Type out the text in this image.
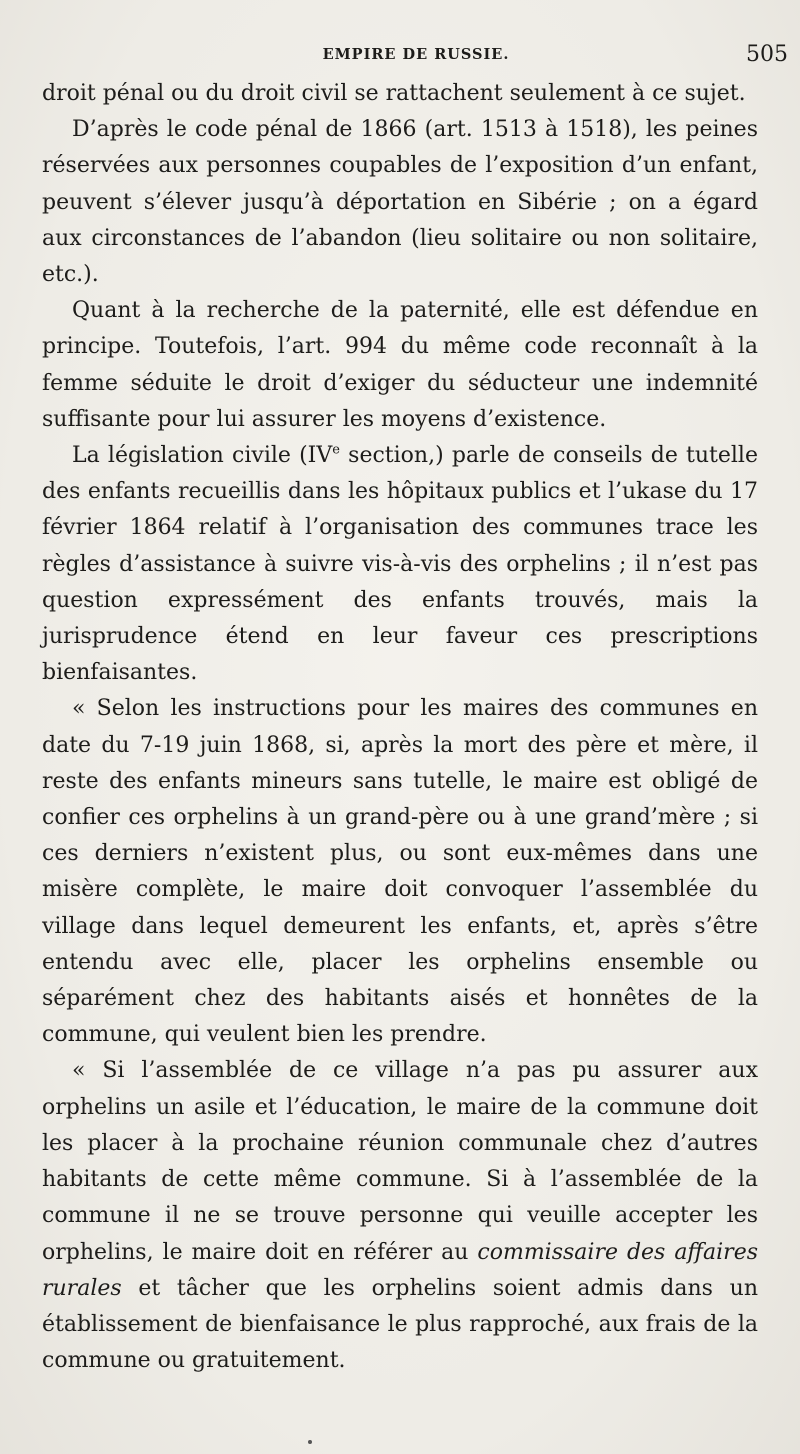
EMPIRE DE RUSSIE.	505

droit pénal ou du droit civil se rattachent seulement à ce sujet.

D’après le code pénal de 1866 (art. 1513 à 1518), les peines réservées aux personnes coupables de l’exposition d’un enfant, peuvent s’élever jusqu’à déportation en Sibérie ; on a égard aux circonstances de l’abandon (lieu solitaire ou non solitaire, etc.).

Quant à la recherche de la paternité, elle est défendue en principe. Toutefois, l’art. 994 du même code reconnaît à la femme séduite le droit d’exiger du séducteur une indemnité suffisante pour lui assurer les moyens d’existence.

La législation civile (IVe section,) parle de conseils de tutelle des enfants recueillis dans les hôpitaux publics et l’ukase du 17 février 1864 relatif à l’organisation des communes trace les règles d’assistance à suivre vis-à-vis des orphelins ; il n’est pas question expressément des enfants trouvés, mais la jurisprudence étend en leur faveur ces prescriptions bienfaisantes.

« Selon les instructions pour les maires des communes en date du 7-19 juin 1868, si, après la mort des père et mère, il reste des enfants mineurs sans tutelle, le maire est obligé de confier ces orphelins à un grand-père ou à une grand’mère ; si ces derniers n’existent plus, ou sont eux-mêmes dans une misère complète, le maire doit convoquer l’assemblée du village dans lequel demeurent les enfants, et, après s’être entendu avec elle, placer les orphelins ensemble ou séparément chez des habitants aisés et honnêtes de la commune, qui veulent bien les prendre.

« Si l’assemblée de ce village n’a pas pu assurer aux orphelins un asile et l’éducation, le maire de la commune doit les placer à la prochaine réunion communale chez d’autres habitants de cette même commune. Si à l’assemblée de la commune il ne se trouve personne qui veuille accepter les orphelins, le maire doit en référer au commissaire des affaires rurales et tâcher que les orphelins soient admis dans un établissement de bienfaisance le plus rapproché, aux frais de la commune ou gratuitement.
